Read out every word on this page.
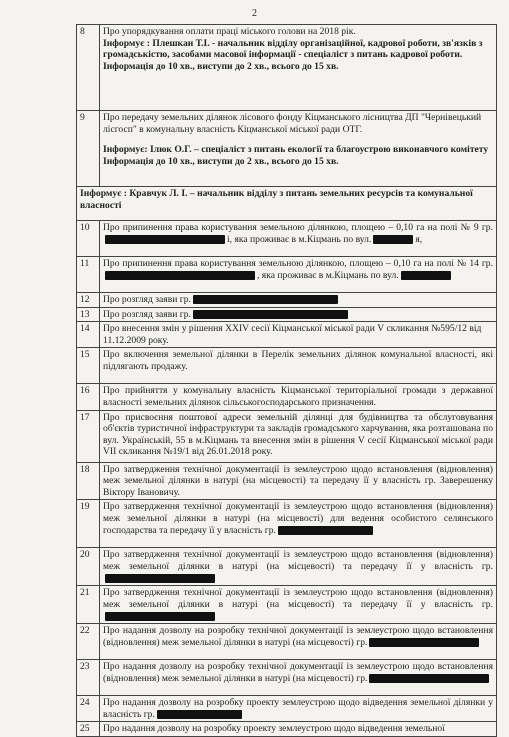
2
8	Про упорядкування оплати праці міського голови на 2018 рік.
Інформує : Плешкан Т.І. - начальник відділу організаційної, кадрової роботи, зв'язків з громадськістю, засобами масової інформації - спеціаліст з питань кадрової роботи.
Інформація до 10 хв., виступи до 2 хв., всього до 15 хв.
9	Про передачу земельних ділянок лісового фонду Кіцманського лісництва ДП "Чернівецький лісгосп" в комунальну власність Кіцманської міської ради ОТГ.
Інформує: Ілюк О.Г. – спеціаліст з питань екології та благоустрою виконавчого комітету
Інформація до 10 хв., виступи до 2 хв., всього до 15 хв.
Інформує : Кравчук Л. І. – начальник відділу з питань земельних ресурсів та комунальної власності	
10	Про припинення права користування земельною ділянкою, площею – 0,10 га на полі № 9 гр.і, яка проживає в м.Кіцмань по вул. я,
11	Про припинення права користування земельною ділянкою, площею – 0,10 га на полі № 14 гр., яка проживає в м.Кіцмань по вул.
12	Про розгляд заяви гр.
13	Про розгляд заяви гр.
14	Про внесення змін у рішення XXIV сесії Кіцманської міської ради V скликання №595/12 від 11.12.2009 року.
15	Про включення земельної ділянки в Перелік земельних ділянок комунальної власності, які підлягають продажу.
16	Про прийняття у комунальну власність Кіцманської територіальної громади з державної власності земельних ділянок сільськогосподарського призначення.
17	Про присвоєння поштової адреси земельній ділянці для будівництва та обслуговування об'єктів туристичної інфраструктури та закладів громадського харчування, яка розташована по вул. Українській, 55 в м.Кіцмань та внесення змін в рішення V сесії Кіцманської міської ради VII скликання №19/1 від 26.01.2018 року.
18	Про затвердження технічної документації із землеустрою щодо встановлення (відновлення) меж земельної ділянки в натурі (на місцевості) та передачу її у власність гр. Заверешенку Віктору Івановичу.
19	Про затвердження технічної документації із землеустрою щодо встановлення (відновлення) меж земельної ділянки в натурі (на місцевості) для ведення особистого селянського господарства та передачу її у власність гр.
20	Про затвердження технічної документації із землеустрою щодо встановлення (відновлення) меж земельної ділянки в натурі (на місцевості) та передачу її у власність гр.
21	Про затвердження технічної документації із землеустрою щодо встановлення (відновлення) меж земельної ділянки в натурі (на місцевості) та передачу її у власність гр.
22	Про надання дозволу на розробку технічної документації із землеустрою щодо встановлення (відновлення) меж земельної ділянки в натурі (на місцевості) гр.
23	Про надання дозволу на розробку технічної документації із землеустрою щодо встановлення (відновлення) меж земельної ділянки в натурі (на місцевості) гр.
24	Про надання дозволу на розробку проекту землеустрою щодо відведення земельної ділянки у власність гр.
25	Про надання дозволу на розробку проекту землеустрою щодо відведення земельної
